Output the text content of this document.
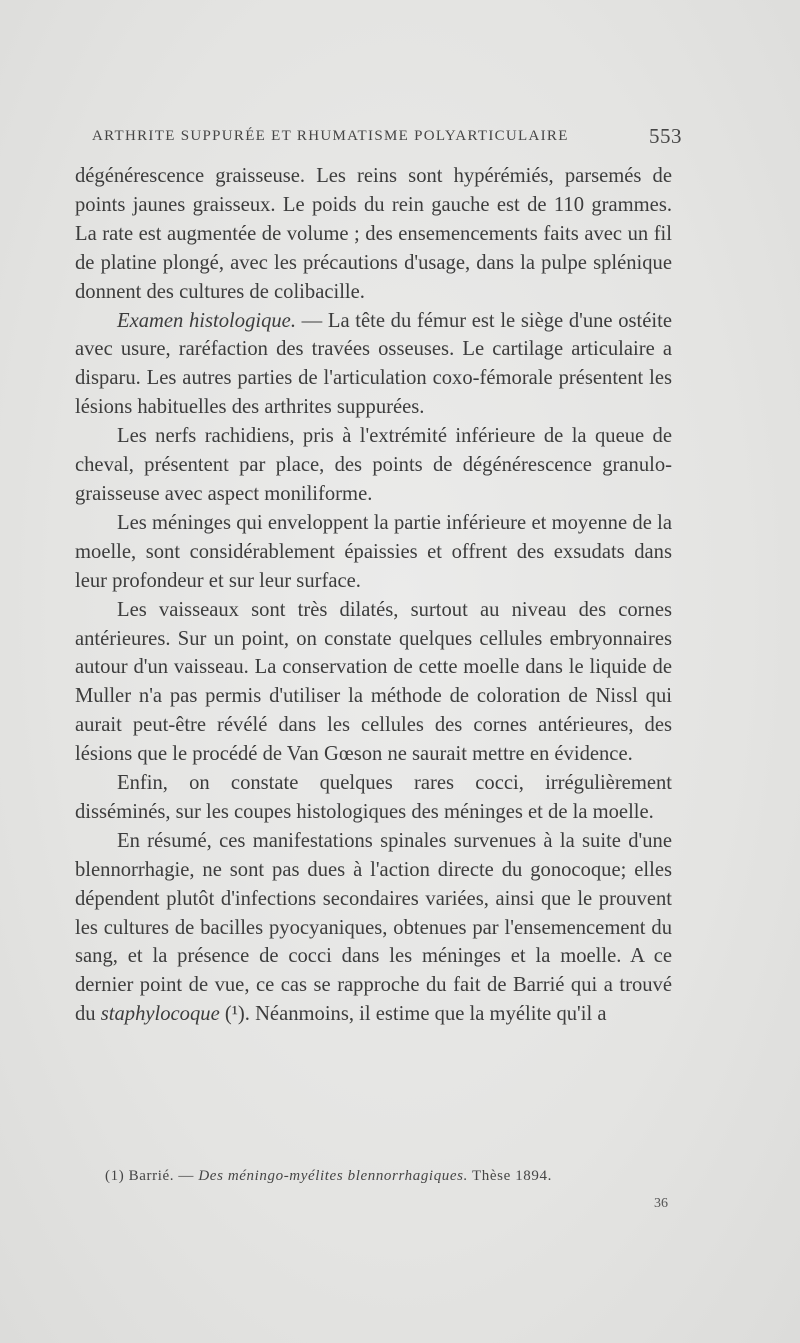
ARTHRITE SUPPURÉE ET RHUMATISME POLYARTICULAIRE	553

dégénérescence graisseuse. Les reins sont hypérémiés, parsemés de points jaunes graisseux. Le poids du rein gauche est de 110 grammes. La rate est augmentée de volume ; des ensemencements faits avec un fil de platine plongé, avec les précautions d'usage, dans la pulpe splénique donnent des cultures de colibacille.

Examen histologique. — La tête du fémur est le siège d'une ostéite avec usure, raréfaction des travées osseuses. Le cartilage articulaire a disparu. Les autres parties de l'articulation coxo-fémorale présentent les lésions habituelles des arthrites suppurées.

Les nerfs rachidiens, pris à l'extrémité inférieure de la queue de cheval, présentent par place, des points de dégénérescence granulo-graisseuse avec aspect moniliforme.

Les méninges qui enveloppent la partie inférieure et moyenne de la moelle, sont considérablement épaissies et offrent des exsudats dans leur profondeur et sur leur surface.

Les vaisseaux sont très dilatés, surtout au niveau des cornes antérieures. Sur un point, on constate quelques cellules embryonnaires autour d'un vaisseau. La conservation de cette moelle dans le liquide de Muller n'a pas permis d'utiliser la méthode de coloration de Nissl qui aurait peut-être révélé dans les cellules des cornes antérieures, des lésions que le procédé de Van Gœson ne saurait mettre en évidence.

Enfin, on constate quelques rares cocci, irrégulièrement disséminés, sur les coupes histologiques des méninges et de la moelle.

En résumé, ces manifestations spinales survenues à la suite d'une blennorrhagie, ne sont pas dues à l'action directe du gonocoque; elles dépendent plutôt d'infections secondaires variées, ainsi que le prouvent les cultures de bacilles pyocyaniques, obtenues par l'ensemencement du sang, et la présence de cocci dans les méninges et la moelle. A ce dernier point de vue, ce cas se rapproche du fait de Barrié qui a trouvé du staphylocoque (¹). Néanmoins, il estime que la myélite qu'il a

(1) Barrié. — Des méningo-myélites blennorrhagiques. Thèse 1894.
36
